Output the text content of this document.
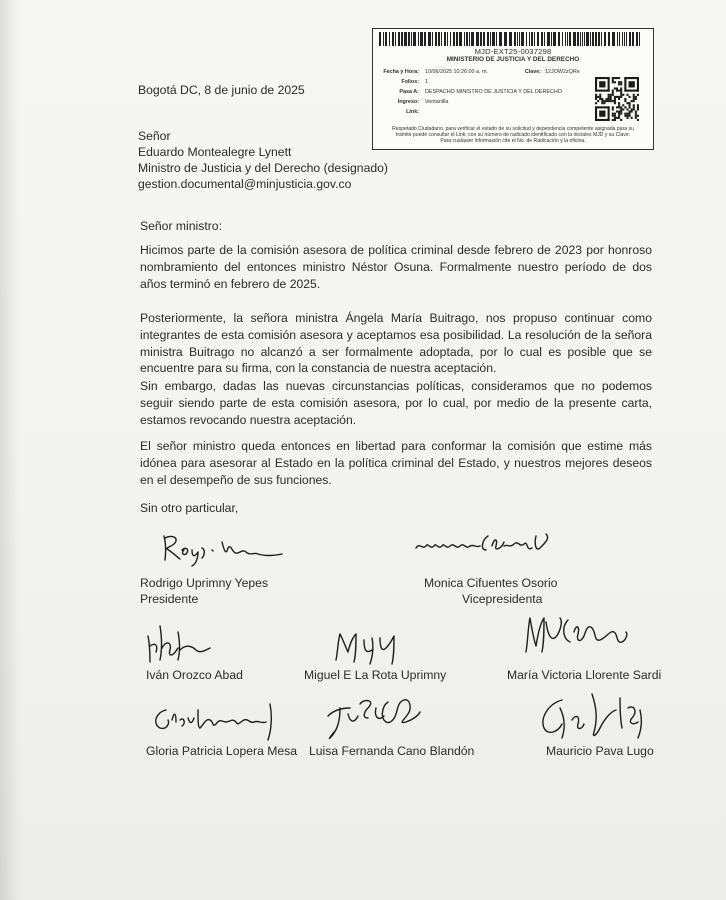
MJD-EXT25-0037298
MINISTERIO DE JUSTICIA Y DEL DERECHO
Fecha y Hora: 10/06/2025 10:26:00 a. m.	Clave: 12JOW2zQRe
Folios: 1
Pasa A: DESPACHO MINISTRO DE JUSTICIA Y DEL DERECHO
Ingreso: Ventanilla
Link:
Respetado Ciudadano, para verificar el estado de su solicitud y dependencia competente asignada para su
trámite puede consultar el Link; con su número de radicado identificado con la iniciales MJD y su Clave:
Para cualquier información cite el No. de Radicación y la oficina.
Bogotá DC, 8 de junio de 2025
Señor
Eduardo Montealegre Lynett
Ministro de Justicia y del Derecho (designado)
gestion.documental@minjusticia.gov.co
Señor ministro:
Hicimos parte de la comisión asesora de política criminal desde febrero de 2023 por honroso nombramiento del entonces ministro Néstor Osuna. Formalmente nuestro período de dos años terminó en febrero de 2025.
Posteriormente, la señora ministra Ángela María Buitrago, nos propuso continuar como integrantes de esta comisión asesora y aceptamos esa posibilidad. La resolución de la señora ministra Buitrago no alcanzó a ser formalmente adoptada, por lo cual es posible que se encuentre para su firma, con la constancia de nuestra aceptación.
Sin embargo, dadas las nuevas circunstancias políticas, consideramos que no podemos seguir siendo parte de esta comisión asesora, por lo cual, por medio de la presente carta, estamos revocando nuestra aceptación.
El señor ministro queda entonces en libertad para conformar la comisión que estime más idónea para asesorar al Estado en la política criminal del Estado, y nuestros mejores deseos en el desempeño de sus funciones.
Sin otro particular,
Rodrigo Uprimny Yepes
Presidente
Monica Cifuentes Osorio
Vicepresidenta
Iván Orozco Abad	Miguel E La Rota Uprimny	María Victoria Llorente Sardi
Gloria Patricia Lopera Mesa Luisa Fernanda Cano Blandón	Mauricio Pava Lugo
